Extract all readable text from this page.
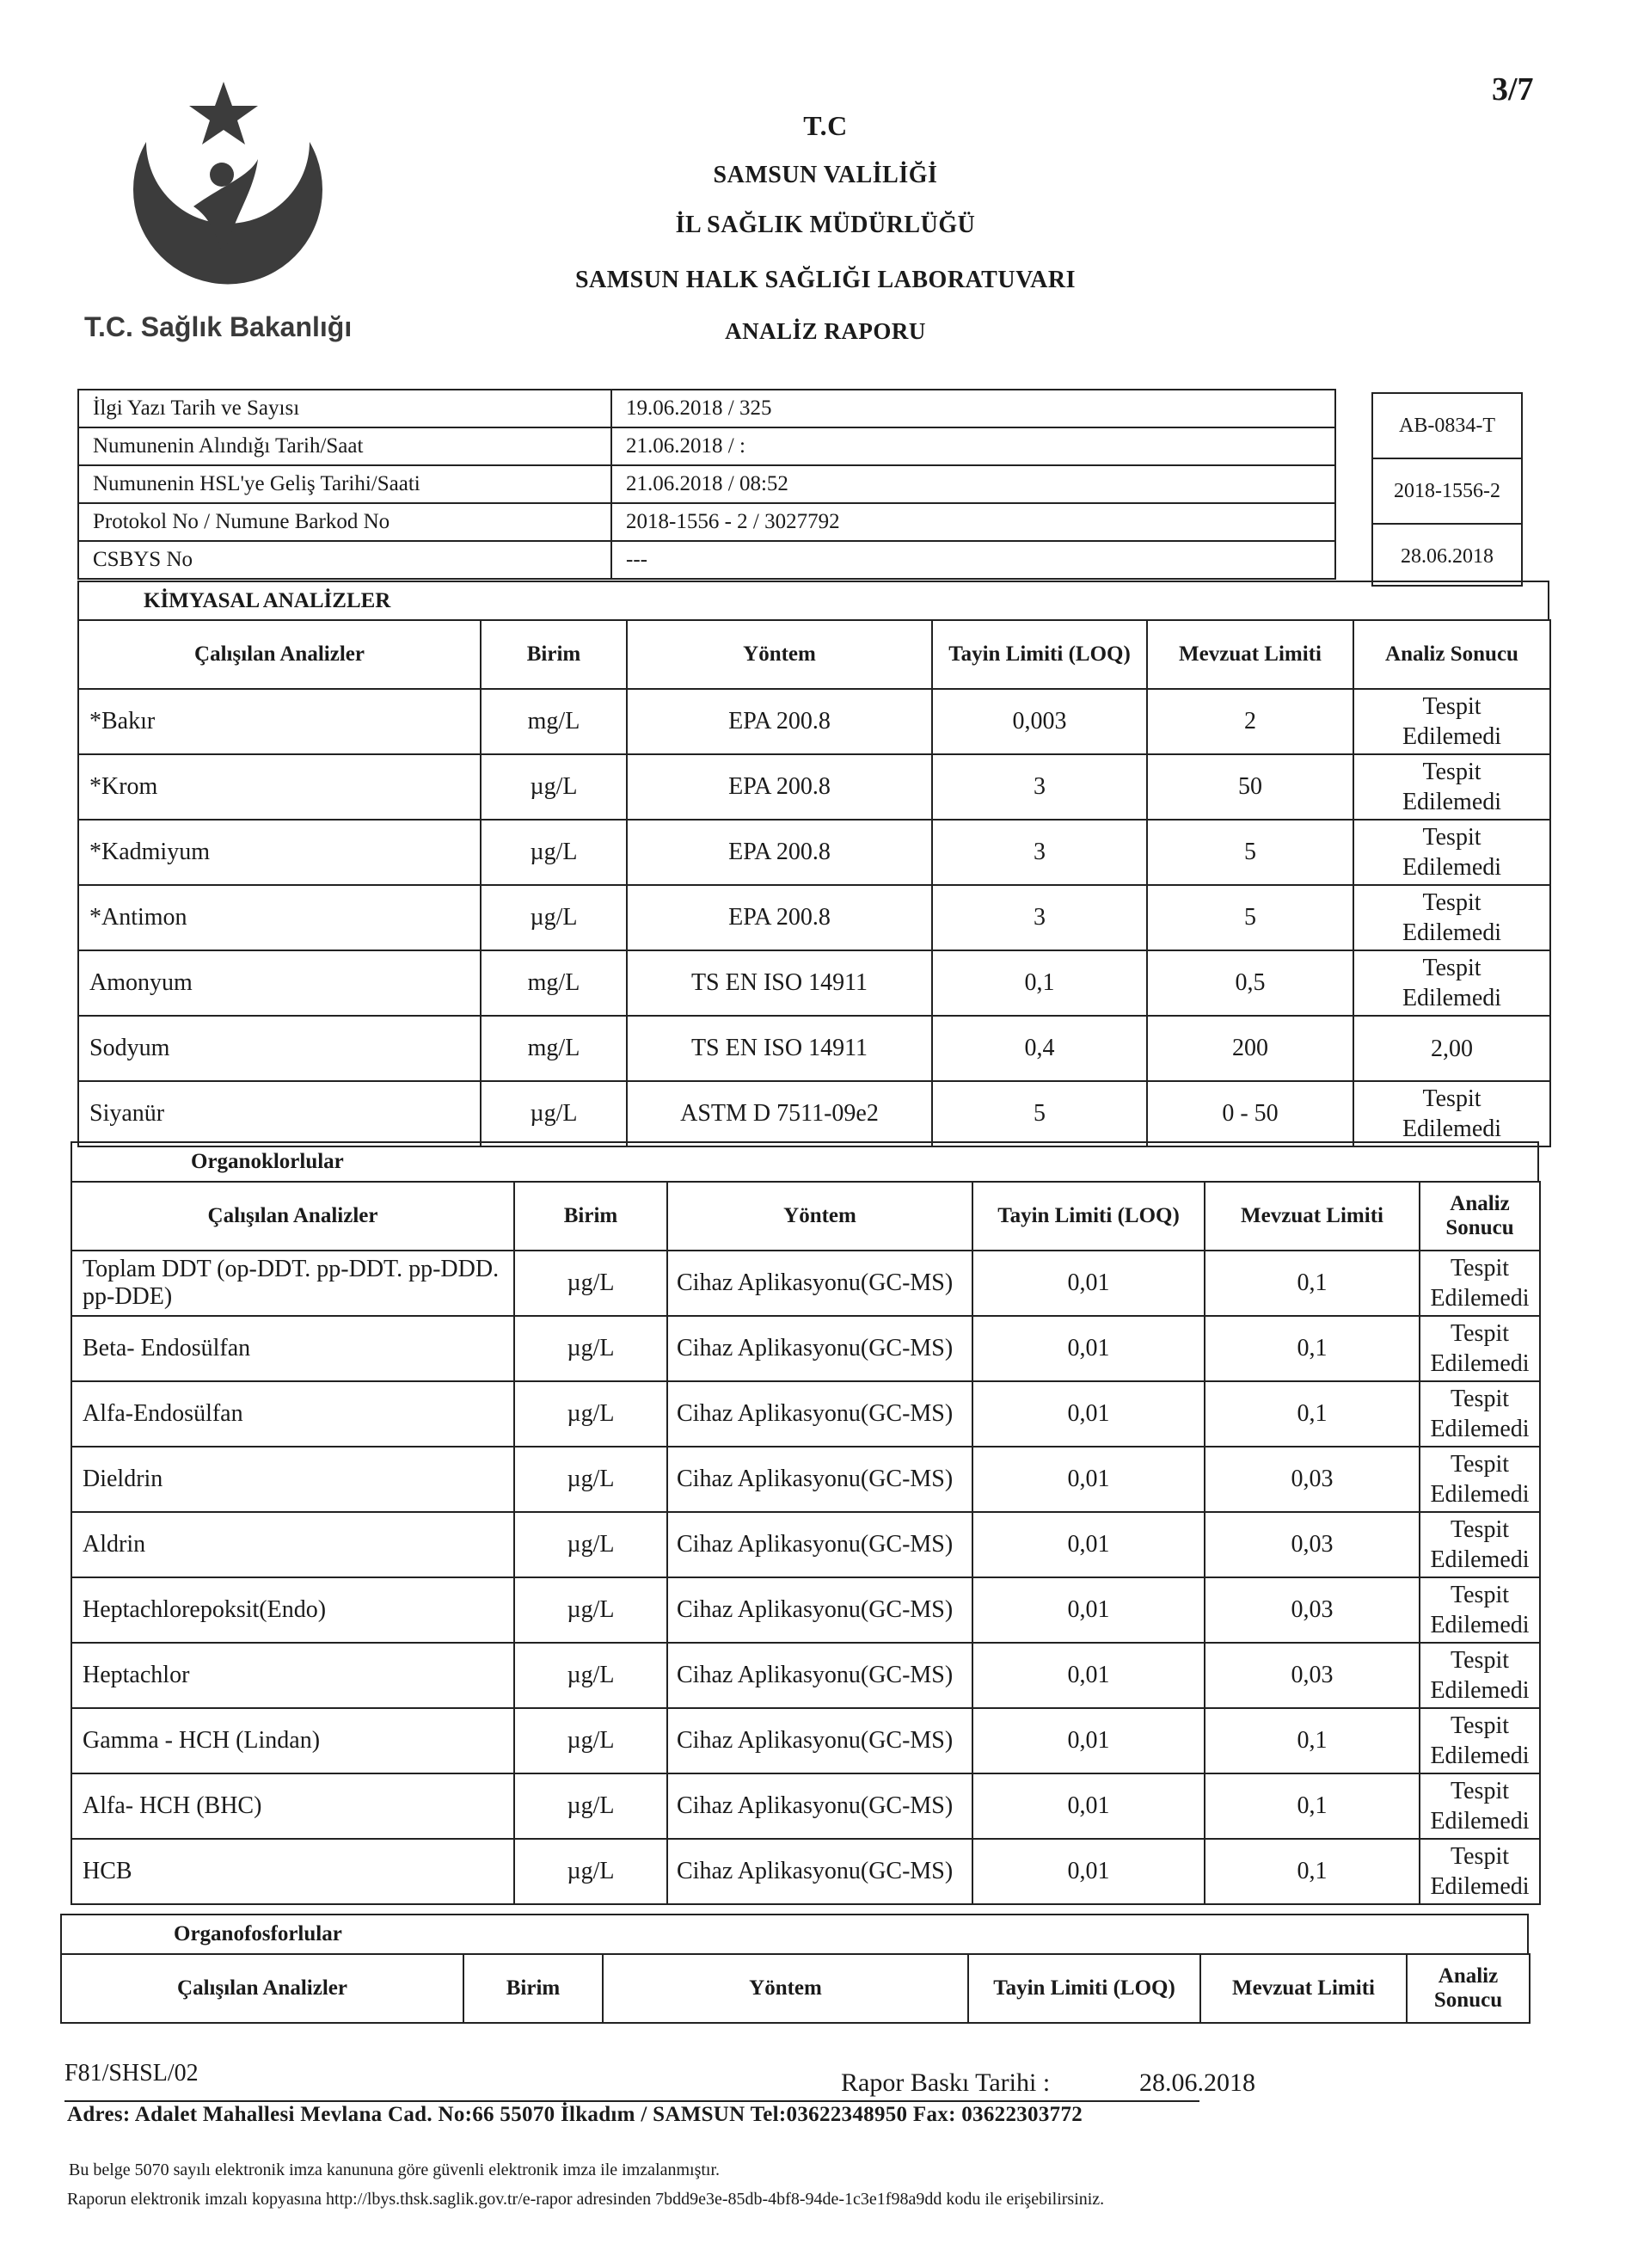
3/7
T.C. Sağlık Bakanlığı
T.C
SAMSUN VALİLİĞİ
İL SAĞLIK MÜDÜRLÜĞÜ
SAMSUN HALK SAĞLIĞI LABORATUVARI
ANALİZ RAPORU
İlgi Yazı Tarih ve Sayısı	19.06.2018 / 325
Numunenin Alındığı Tarih/Saat	21.06.2018 / :
Numunenin HSL'ye Geliş Tarihi/Saati	21.06.2018 / 08:52
Protokol No / Numune Barkod No	2018-1556 - 2 / 3027792
CSBYS No	---
AB-0834-T
2018-1556-2
28.06.2018
KİMYASAL ANALİZLER
Çalışılan Analizler	Birim	Yöntem	Tayin Limiti (LOQ)	Mevzuat Limiti	Analiz Sonucu
*Bakır	mg/L	EPA 200.8	0,003	2	Tespit
Edilemedi

*Krom	µg/L	EPA 200.8	3	50	Tespit
Edilemedi

*Kadmiyum	µg/L	EPA 200.8	3	5	Tespit
Edilemedi

*Antimon	µg/L	EPA 200.8	3	5	Tespit
Edilemedi

Amonyum	mg/L	TS EN ISO 14911	0,1	0,5	Tespit
Edilemedi

Sodyum	mg/L	TS EN ISO 14911	0,4	200	2,00

Siyanür	µg/L	ASTM D 7511-09e2	5	0 - 50	Tespit
Edilemedi
Organoklorlular
Çalışılan Analizler	Birim	Yöntem	Tayin Limiti (LOQ)	Mevzuat Limiti	Analiz Sonucu
Toplam DDT (op-DDT. pp-DDT. pp-DDD. pp-DDE)	µg/L	Cihaz Aplikasyonu(GC-MS)	0,01	0,1	Tespit
Edilemedi

Beta- Endosülfan	µg/L	Cihaz Aplikasyonu(GC-MS)	0,01	0,1	Tespit
Edilemedi

Alfa-Endosülfan	µg/L	Cihaz Aplikasyonu(GC-MS)	0,01	0,1	Tespit
Edilemedi

Dieldrin	µg/L	Cihaz Aplikasyonu(GC-MS)	0,01	0,03	Tespit
Edilemedi

Aldrin	µg/L	Cihaz Aplikasyonu(GC-MS)	0,01	0,03	Tespit
Edilemedi

Heptachlorepoksit(Endo)	µg/L	Cihaz Aplikasyonu(GC-MS)	0,01	0,03	Tespit
Edilemedi

Heptachlor	µg/L	Cihaz Aplikasyonu(GC-MS)	0,01	0,03	Tespit
Edilemedi

Gamma - HCH (Lindan)	µg/L	Cihaz Aplikasyonu(GC-MS)	0,01	0,1	Tespit
Edilemedi

Alfa- HCH (BHC)	µg/L	Cihaz Aplikasyonu(GC-MS)	0,01	0,1	Tespit
Edilemedi

HCB	µg/L	Cihaz Aplikasyonu(GC-MS)	0,01	0,1	Tespit
Edilemedi
Organofosforlular
Çalışılan Analizler	Birim	Yöntem	Tayin Limiti (LOQ)	Mevzuat Limiti	Analiz Sonucu
F81/SHSL/02	Rapor Baskı Tarihi :	28.06.2018
Adres: Adalet Mahallesi Mevlana Cad. No:66 55070 İlkadım / SAMSUN Tel:03622348950 Fax: 03622303772
Bu belge 5070 sayılı elektronik imza kanununa göre güvenli elektronik imza ile imzalanmıştır.
Raporun elektronik imzalı kopyasına http://lbys.thsk.saglik.gov.tr/e-rapor adresinden 7bdd9e3e-85db-4bf8-94de-1c3e1f98a9dd kodu ile erişebilirsiniz.
